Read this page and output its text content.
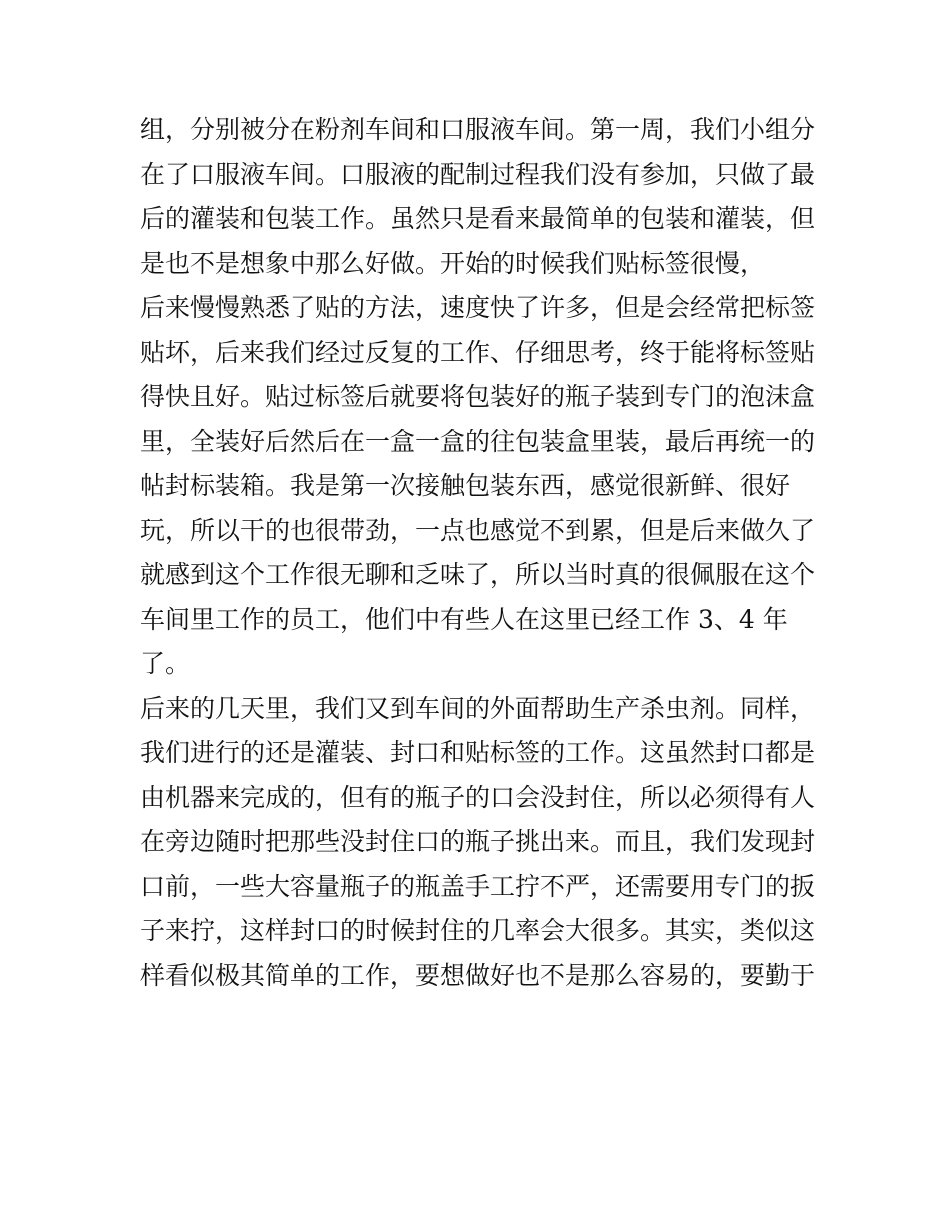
组，分别被分在粉剂车间和口服液车间。第一周，我们小组分
在了口服液车间。口服液的配制过程我们没有参加，只做了最
后的灌装和包装工作。虽然只是看来最简单的包装和灌装，但
是也不是想象中那么好做。开始的时候我们贴标签很慢，
后来慢慢熟悉了贴的方法，速度快了许多，但是会经常把标签
贴坏，后来我们经过反复的工作、仔细思考，终于能将标签贴
得快且好。贴过标签后就要将包装好的瓶子装到专门的泡沫盒
里，全装好后然后在一盒一盒的往包装盒里装，最后再统一的
帖封标装箱。我是第一次接触包装东西，感觉很新鲜、很好
玩，所以干的也很带劲，一点也感觉不到累，但是后来做久了
就感到这个工作很无聊和乏味了，所以当时真的很佩服在这个
车间里工作的员工，他们中有些人在这里已经工作 3、4 年
了。
后来的几天里，我们又到车间的外面帮助生产杀虫剂。同样，
我们进行的还是灌装、封口和贴标签的工作。这虽然封口都是
由机器来完成的，但有的瓶子的口会没封住，所以必须得有人
在旁边随时把那些没封住口的瓶子挑出来。而且，我们发现封
口前，一些大容量瓶子的瓶盖手工拧不严，还需要用专门的扳
子来拧，这样封口的时候封住的几率会大很多。其实，类似这
样看似极其简单的工作，要想做好也不是那么容易的，要勤于
